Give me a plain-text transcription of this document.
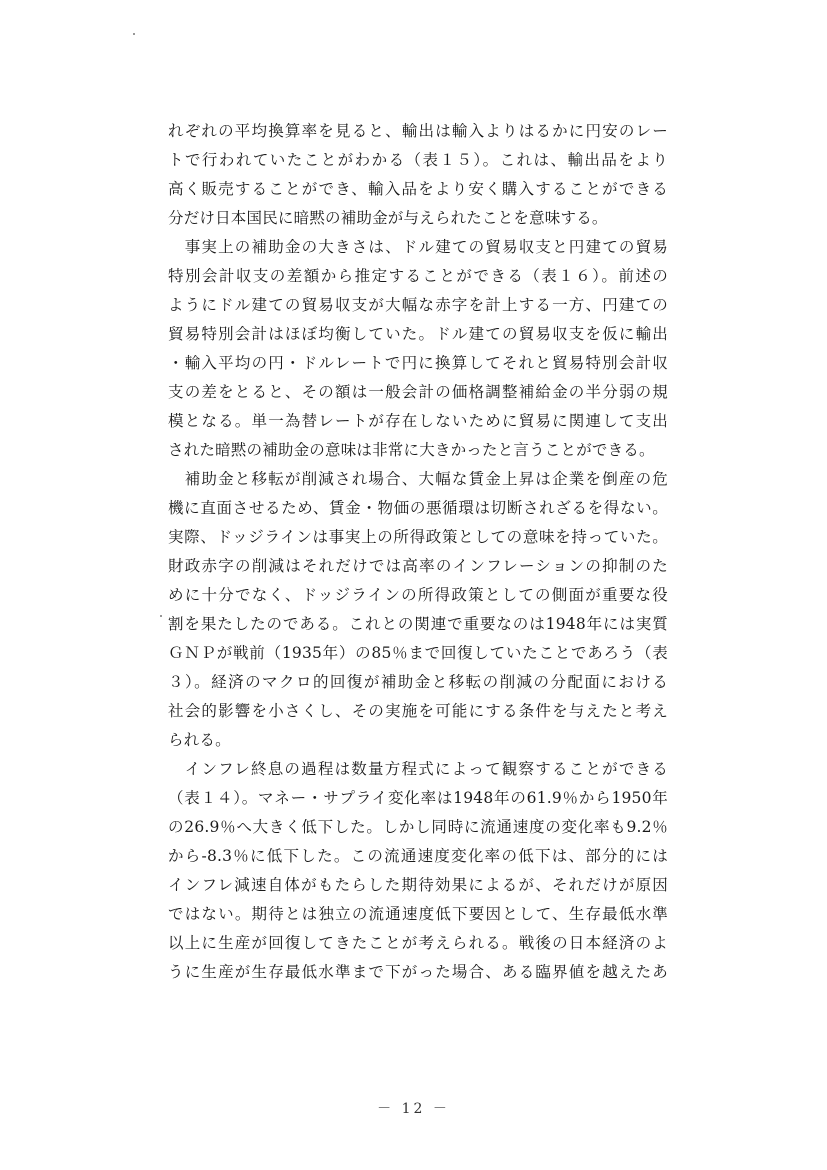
れぞれの平均換算率を見ると、輸出は輸入よりはるかに円安のレー
トで行われていたことがわかる（表１５）。これは、輸出品をより
高く販売することができ、輸入品をより安く購入することができる
分だけ日本国民に暗黙の補助金が与えられたことを意味する。
　事実上の補助金の大きさは、ドル建ての貿易収支と円建ての貿易
特別会計収支の差額から推定することができる（表１６）。前述の
ようにドル建ての貿易収支が大幅な赤字を計上する一方、円建ての
貿易特別会計はほぼ均衡していた。ドル建ての貿易収支を仮に輸出
・輸入平均の円・ドルレートで円に換算してそれと貿易特別会計収
支の差をとると、その額は一般会計の価格調整補給金の半分弱の規
模となる。単一為替レートが存在しないために貿易に関連して支出
された暗黙の補助金の意味は非常に大きかったと言うことができる。
　補助金と移転が削減され場合、大幅な賃金上昇は企業を倒産の危
機に直面させるため、賃金・物価の悪循環は切断されざるを得ない。
実際、ドッジラインは事実上の所得政策としての意味を持っていた。
財政赤字の削減はそれだけでは高率のインフレーションの抑制のた
めに十分でなく、ドッジラインの所得政策としての側面が重要な役
割を果たしたのである。これとの関連で重要なのは1948年には実質
ＧＮＰが戦前（1935年）の85％まで回復していたことであろう（表
３）。経済のマクロ的回復が補助金と移転の削減の分配面における
社会的影響を小さくし、その実施を可能にする条件を与えたと考え
られる。
　インフレ終息の過程は数量方程式によって観察することができる
（表１４）。マネー・サプライ変化率は1948年の61.9％から1950年
の26.9％へ大きく低下した。しかし同時に流通速度の変化率も9.2％
から-8.3％に低下した。この流通速度変化率の低下は、部分的には
インフレ減速自体がもたらした期待効果によるが、それだけが原因
ではない。期待とは独立の流通速度低下要因として、生存最低水準
以上に生産が回復してきたことが考えられる。戦後の日本経済のよ
うに生産が生存最低水準まで下がった場合、ある臨界値を越えたあ
－ 12 －
